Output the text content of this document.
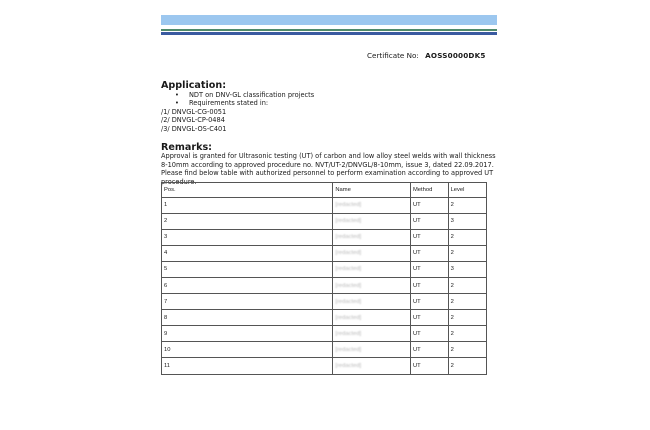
Certificate No: AOSS0000DK5
Application:
• NDT on DNV-GL classification projects
• Requirements stated in:
/1/ DNVGL-CG-0051
/2/ DNVGL-CP-0484
/3/ DNVGL-OS-C401
Remarks:
Approval is granted for Ultrasonic testing (UT) of carbon and low alloy steel welds with wall thickness 8-10mm according to approved procedure no. NVT/UT-2/DNVGL/8-10mm, issue 3, dated 22.09.2017. Please find below table with authorized personnel to perform examination according to approved UT procedure.
Pos.	Name	Method	Level
1	[redacted]	UT	2
2	[redacted]	UT	3
3	[redacted]	UT	2
4	[redacted]	UT	2
5	[redacted]	UT	3
6	[redacted]	UT	2
7	[redacted]	UT	2
8	[redacted]	UT	2
9	[redacted]	UT	2
10	[redacted]	UT	2
11	[redacted]	UT	2
